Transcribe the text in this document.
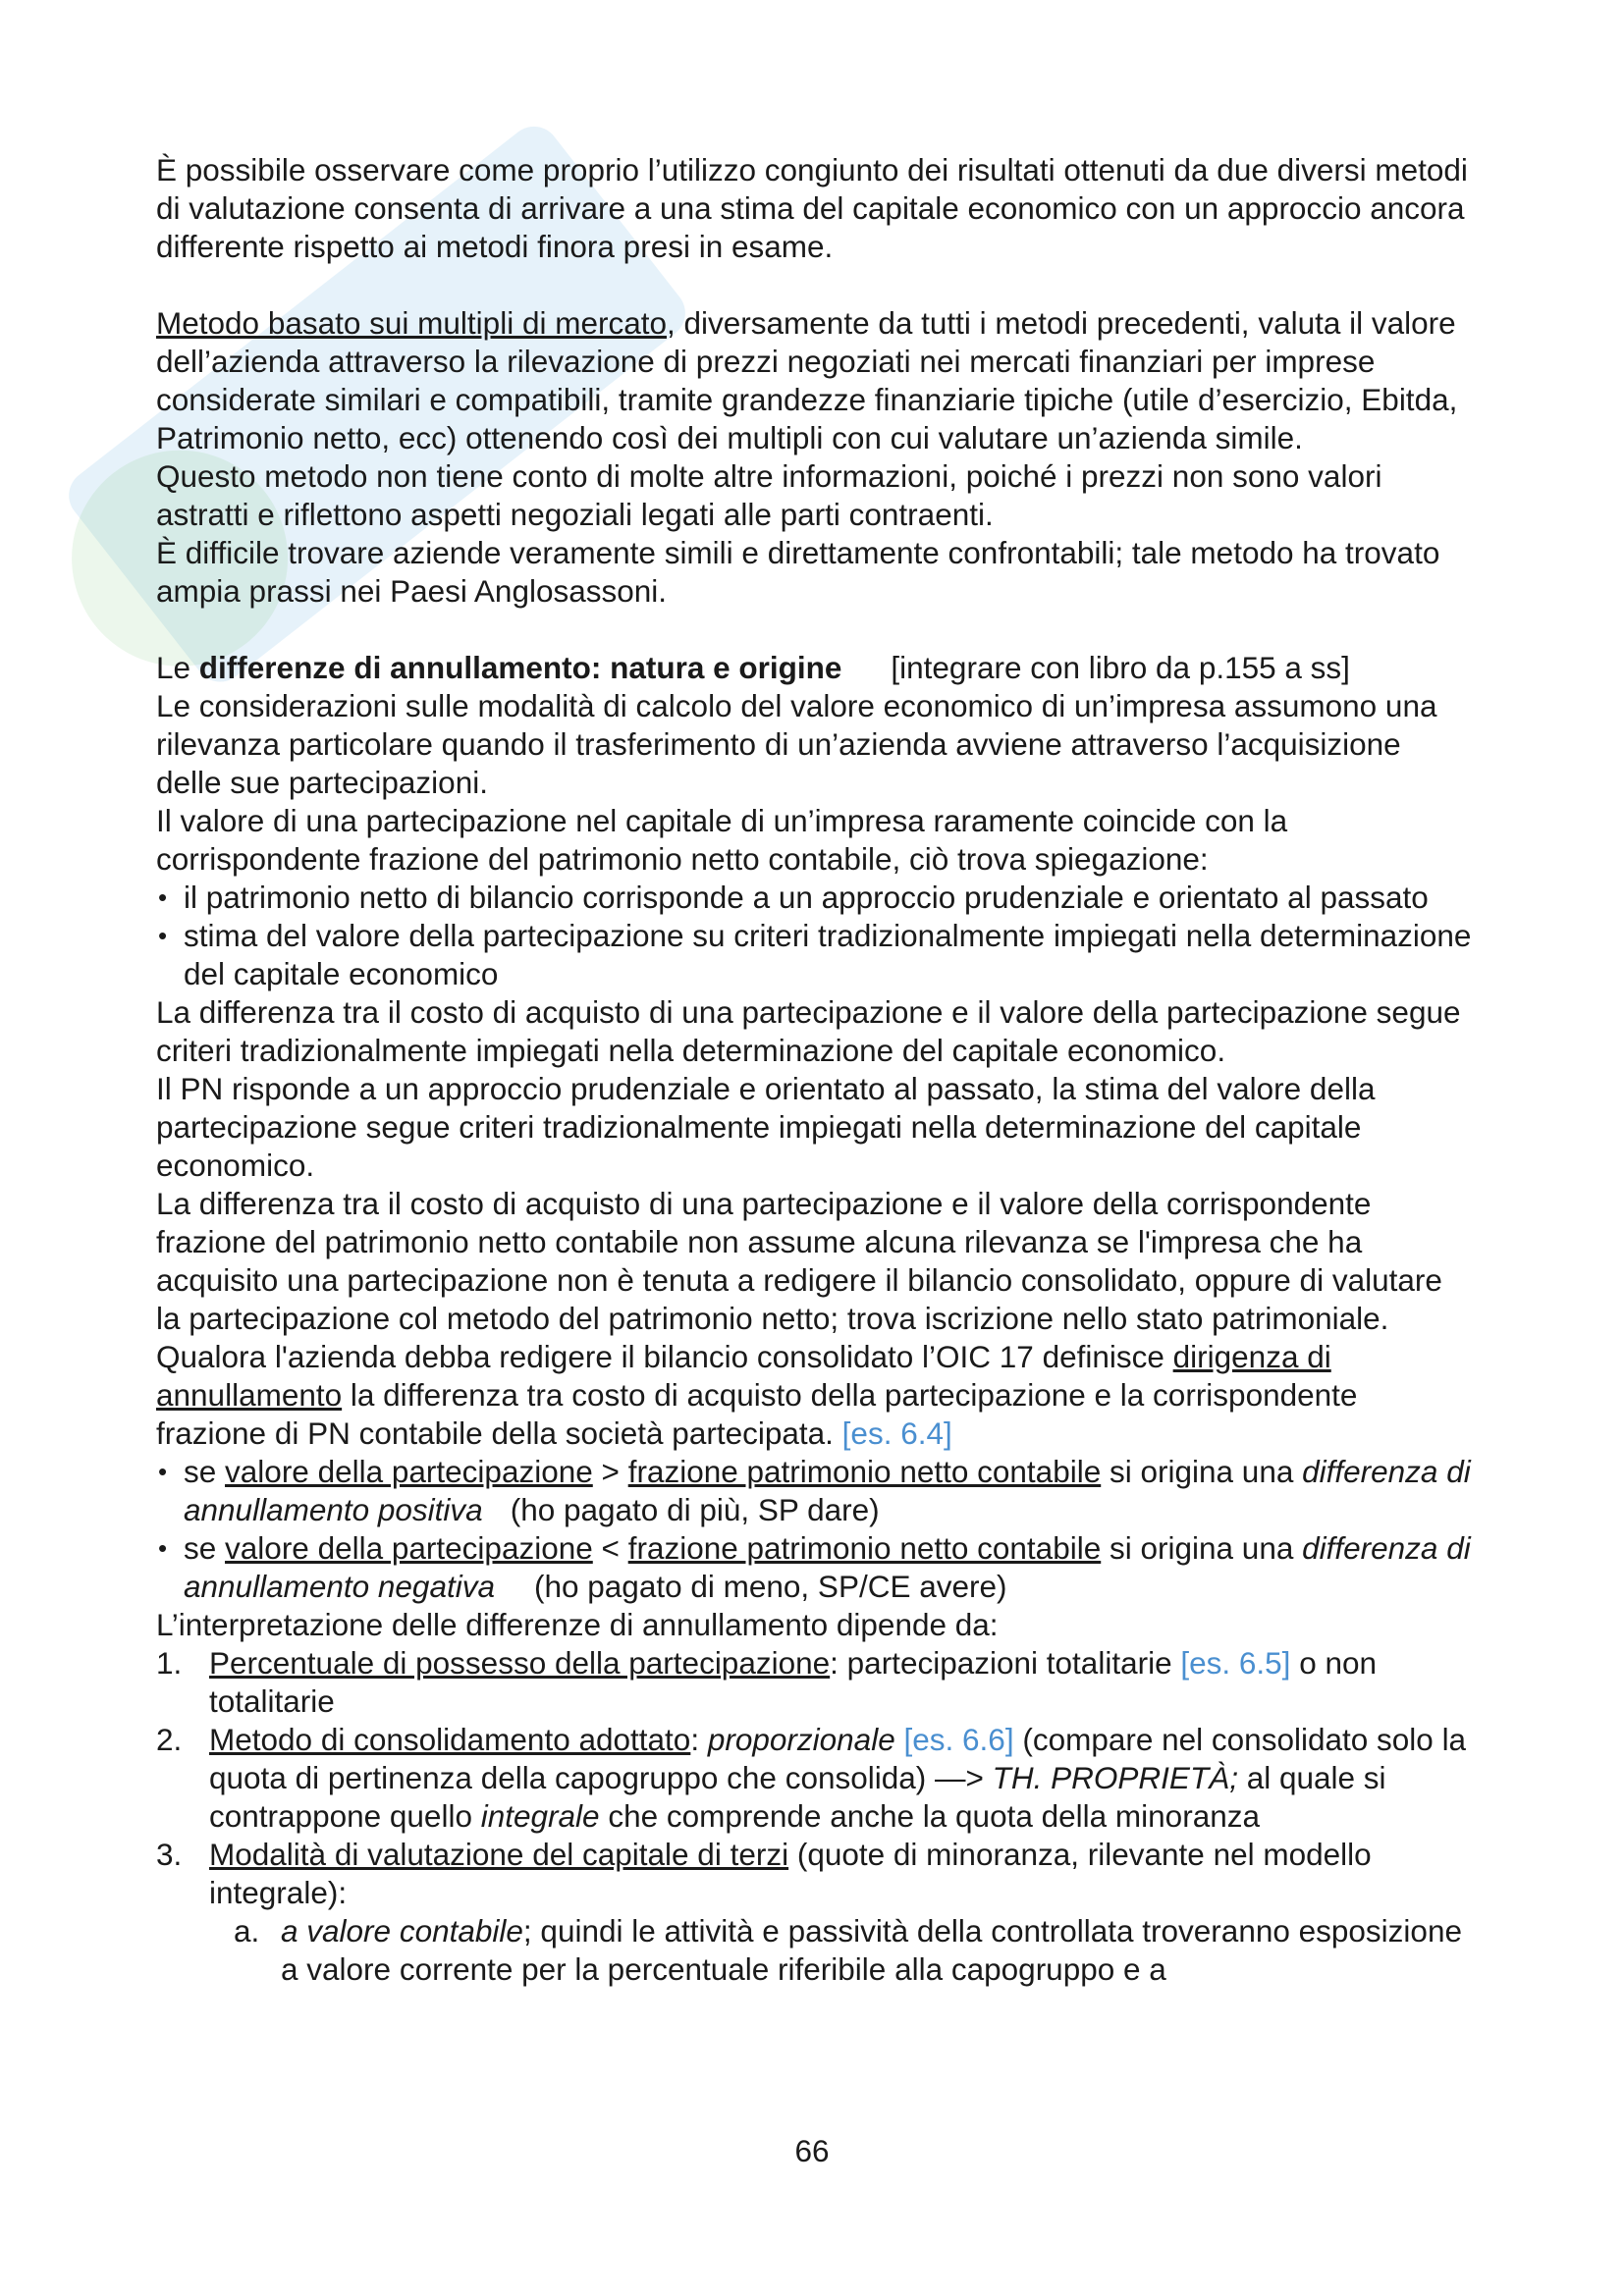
È possibile osservare come proprio l’utilizzo congiunto dei risultati ottenuti da due diversi metodi di valutazione consenta di arrivare a una stima del capitale economico con un approccio ancora differente rispetto ai metodi finora presi in esame.

Metodo basato sui multipli di mercato, diversamente da tutti i metodi precedenti, valuta il valore dell’azienda attraverso la rilevazione di prezzi negoziati nei mercati finanziari per imprese considerate similari e compatibili, tramite grandezze finanziarie tipiche (utile d’esercizio, Ebitda, Patrimonio netto, ecc) ottenendo così dei multipli con cui valutare un’azienda simile.

Questo metodo non tiene conto di molte altre informazioni, poiché i prezzi non sono valori astratti e riflettono aspetti negoziali legati alle parti contraenti.

È difficile trovare aziende veramente simili e direttamente confrontabili; tale metodo ha trovato ampia prassi nei Paesi Anglosassoni.

Le differenze di annullamento: natura e origine [integrare con libro da p.155 a ss]

Le considerazioni sulle modalità di calcolo del valore economico di un’impresa assumono una rilevanza particolare quando il trasferimento di un’azienda avviene attraverso l’acquisizione delle sue partecipazioni.

Il valore di una partecipazione nel capitale di un’impresa raramente coincide con la corrispondente frazione del patrimonio netto contabile, ciò trova spiegazione:

• il patrimonio netto di bilancio corrisponde a un approccio prudenziale e orientato al passato
• stima del valore della partecipazione su criteri tradizionalmente impiegati nella determinazione del capitale economico

La differenza tra il costo di acquisto di una partecipazione e il valore della partecipazione segue criteri tradizionalmente impiegati nella determinazione del capitale economico.

Il PN risponde a un approccio prudenziale e orientato al passato, la stima del valore della partecipazione segue criteri tradizionalmente impiegati nella determinazione del capitale economico.

La differenza tra il costo di acquisto di una partecipazione e il valore della corrispondente frazione del patrimonio netto contabile non assume alcuna rilevanza se l'impresa che ha acquisito una partecipazione non è tenuta a redigere il bilancio consolidato, oppure di valutare la partecipazione col metodo del patrimonio netto; trova iscrizione nello stato patrimoniale.

Qualora l'azienda debba redigere il bilancio consolidato l’OIC 17 definisce dirigenza di annullamento la differenza tra costo di acquisto della partecipazione e la corrispondente frazione di PN contabile della società partecipata. [es. 6.4]

• se valore della partecipazione > frazione patrimonio netto contabile si origina una differenza di annullamento positiva (ho pagato di più, SP dare)
• se valore della partecipazione < frazione patrimonio netto contabile si origina una differenza di annullamento negativa (ho pagato di meno, SP/CE avere)

L’interpretazione delle differenze di annullamento dipende da:

1. Percentuale di possesso della partecipazione: partecipazioni totalitarie [es. 6.5] o non totalitarie
2. Metodo di consolidamento adottato: proporzionale [es. 6.6] (compare nel consolidato solo la quota di pertinenza della capogruppo che consolida) —> TH. PROPRIETÀ; al quale si contrappone quello integrale che comprende anche la quota della minoranza
3. Modalità di valutazione del capitale di terzi (quote di minoranza, rilevante nel modello integrale):
a. a valore contabile; quindi le attività e passività della controllata troveranno esposizione a valore corrente per la percentuale riferibile alla capogruppo e a
66
